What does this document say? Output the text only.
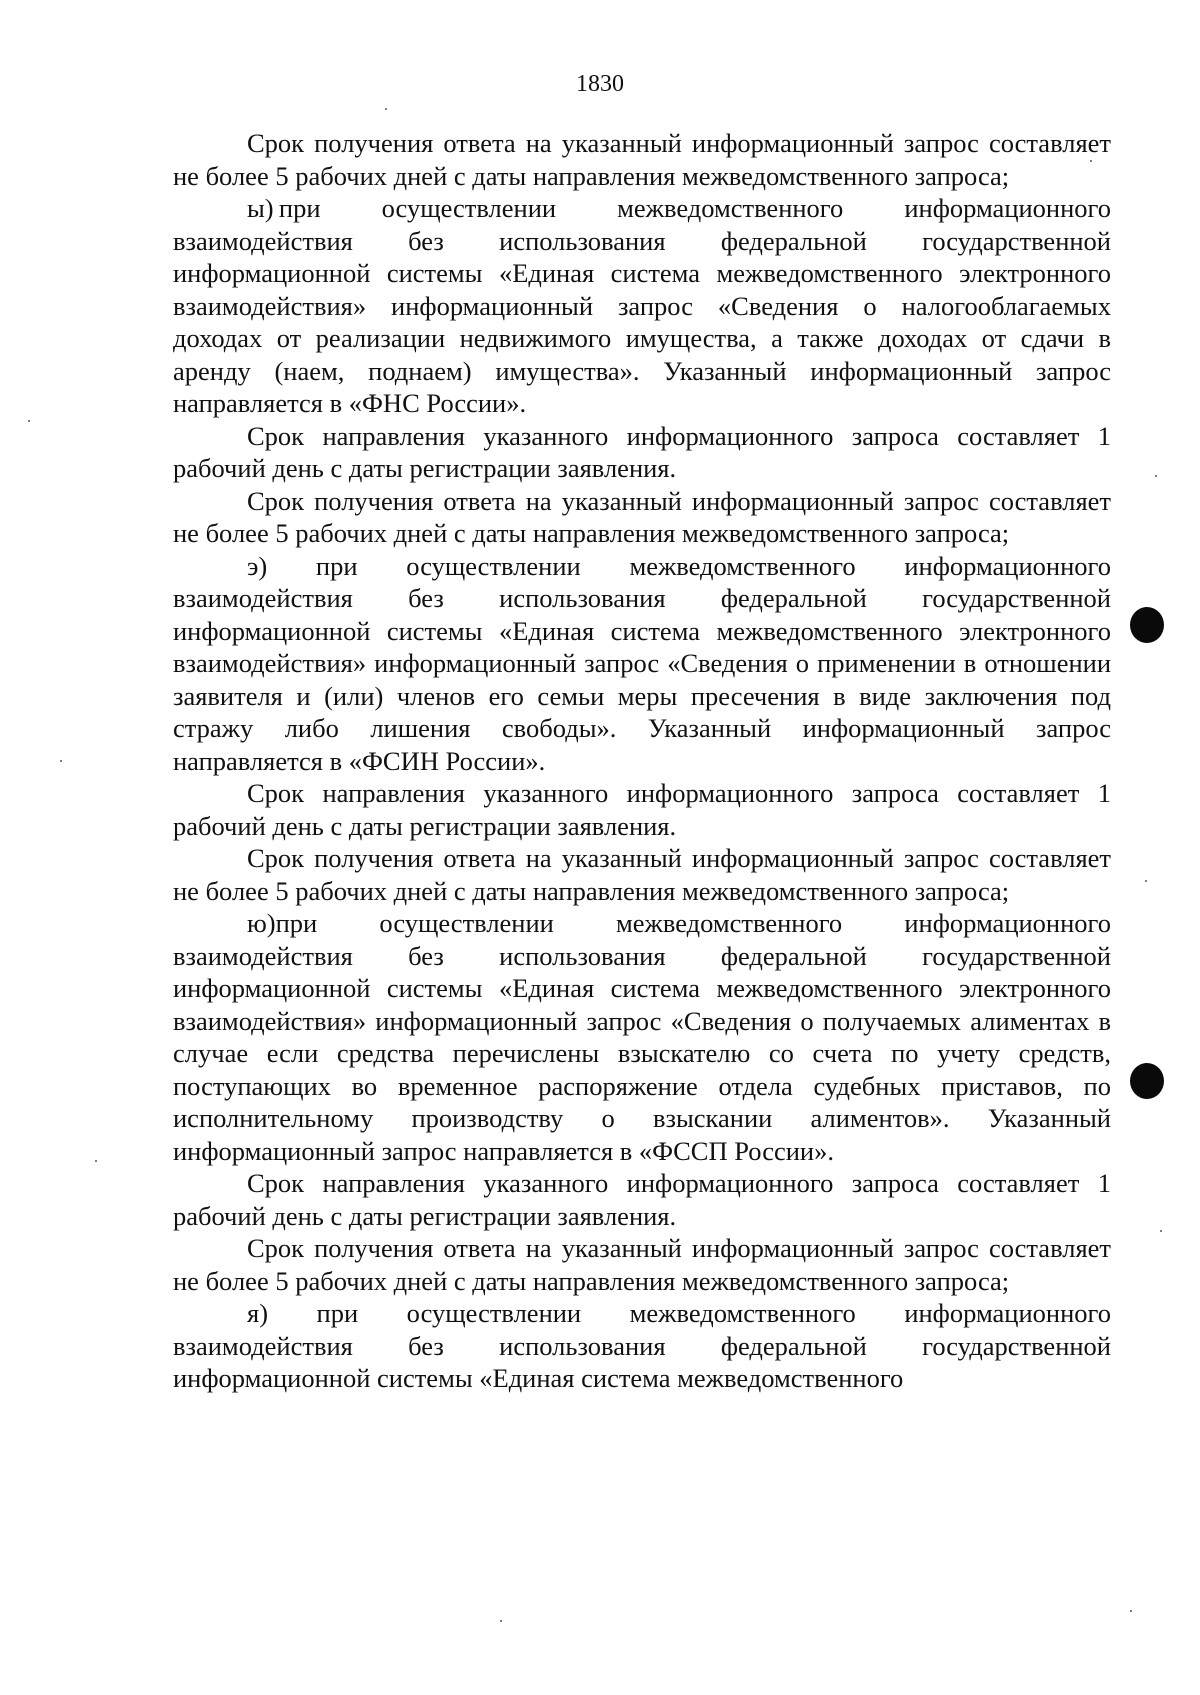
1830

Срок получения ответа на указанный информационный запрос составляет не более 5 рабочих дней с даты направления межведомственного запроса;

ы) при осуществлении межведомственного информационного взаимодействия без использования федеральной государственной информационной системы «Единая система межведомственного электронного взаимодействия» информационный запрос «Сведения о налогооблагаемых доходах от реализации недвижимого имущества, а также доходах от сдачи в аренду (наем, поднаем) имущества». Указанный информационный запрос направляется в «ФНС России».

Срок направления указанного информационного запроса составляет 1 рабочий день с даты регистрации заявления.

Срок получения ответа на указанный информационный запрос составляет не более 5 рабочих дней с даты направления межведомственного запроса;

э) при осуществлении межведомственного информационного взаимодействия без использования федеральной государственной информационной системы «Единая система межведомственного электронного взаимодействия» информационный запрос «Сведения о применении в отношении заявителя и (или) членов его семьи меры пресечения в виде заключения под стражу либо лишения свободы». Указанный информационный запрос направляется в «ФСИН России».

Срок направления указанного информационного запроса составляет 1 рабочий день с даты регистрации заявления.

Срок получения ответа на указанный информационный запрос составляет не более 5 рабочих дней с даты направления межведомственного запроса;

ю)при осуществлении межведомственного информационного взаимодействия без использования федеральной государственной информационной системы «Единая система межведомственного электронного взаимодействия» информационный запрос «Сведения о получаемых алиментах в случае если средства перечислены взыскателю со счета по учету средств, поступающих во временное распоряжение отдела судебных приставов, по исполнительному производству о взыскании алиментов». Указанный информационный запрос направляется в «ФССП России».

Срок направления указанного информационного запроса составляет 1 рабочий день с даты регистрации заявления.

Срок получения ответа на указанный информационный запрос составляет не более 5 рабочих дней с даты направления межведомственного запроса;

я) при осуществлении межведомственного информационного взаимодействия без использования федеральной государственной информационной системы «Единая система межведомственного
